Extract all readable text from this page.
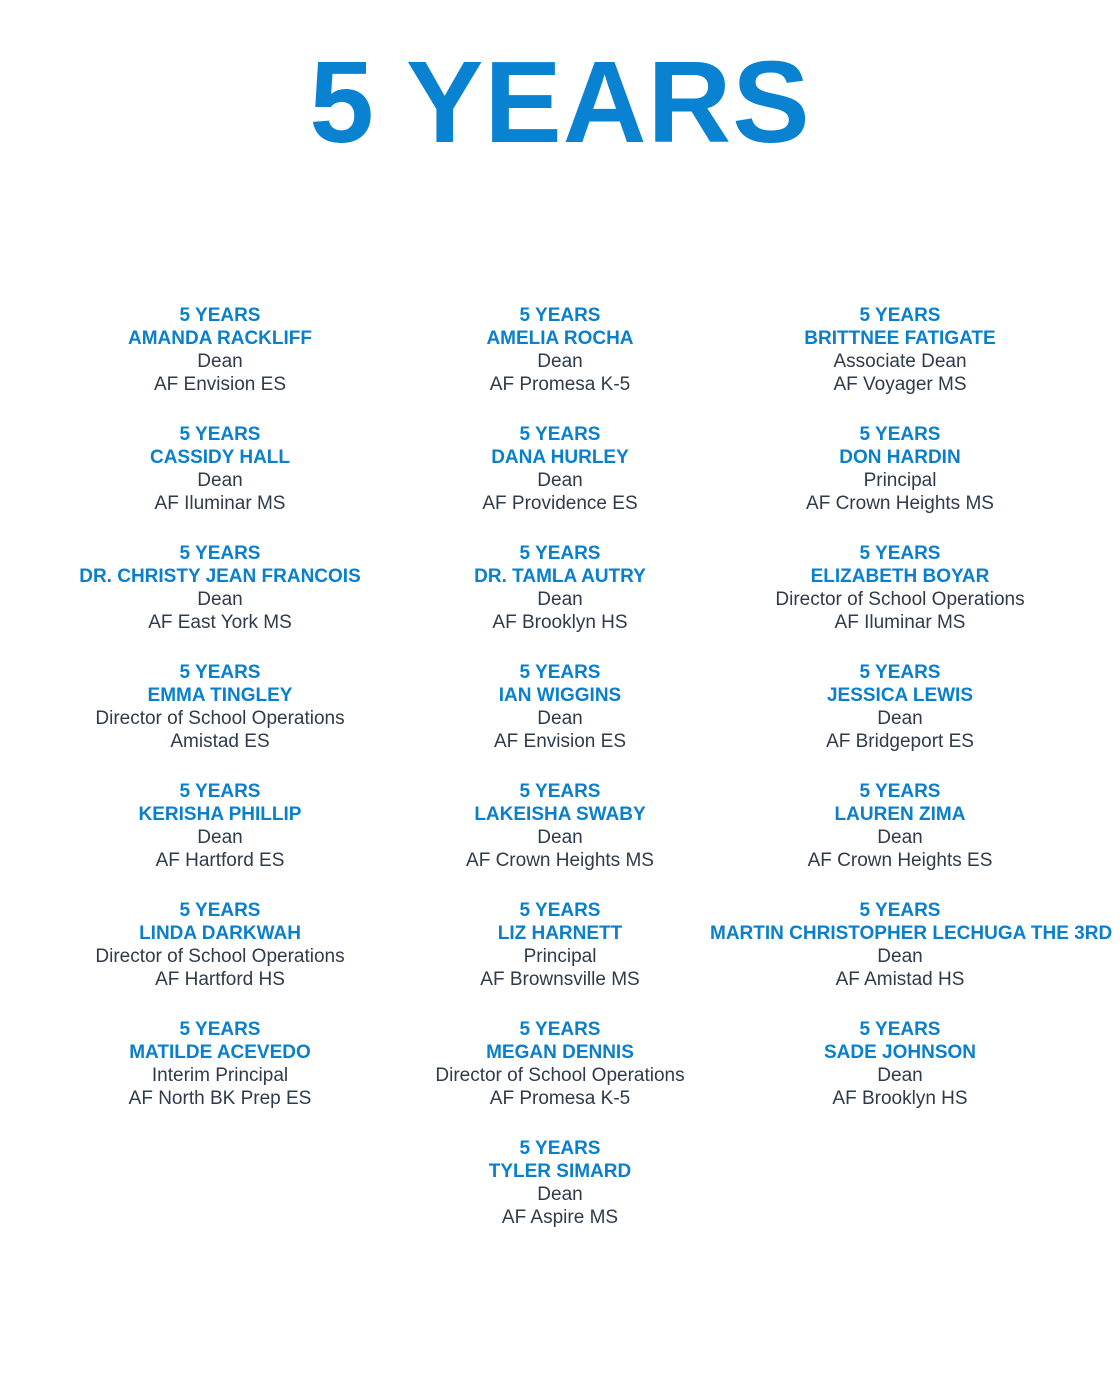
5 YEARS
5 YEARS
AMANDA RACKLIFF
Dean
AF Envision ES
5 YEARS
CASSIDY HALL
Dean
AF Iluminar MS
5 YEARS
DR. CHRISTY JEAN FRANCOIS
Dean
AF East York MS
5 YEARS
EMMA TINGLEY
Director of School Operations
Amistad ES
5 YEARS
KERISHA PHILLIP
Dean
AF Hartford ES
5 YEARS
LINDA DARKWAH
Director of School Operations
AF Hartford HS
5 YEARS
MATILDE ACEVEDO
Interim Principal
AF North BK Prep ES
5 YEARS
AMELIA ROCHA
Dean
AF Promesa K-5
5 YEARS
DANA HURLEY
Dean
AF Providence ES
5 YEARS
DR. TAMLA AUTRY
Dean
AF Brooklyn HS
5 YEARS
IAN WIGGINS
Dean
AF Envision ES
5 YEARS
LAKEISHA SWABY
Dean
AF Crown Heights MS
5 YEARS
LIZ HARNETT
Principal
AF Brownsville MS
5 YEARS
MEGAN DENNIS
Director of School Operations
AF Promesa K-5
5 YEARS
TYLER SIMARD
Dean
AF Aspire MS
5 YEARS
BRITTNEE FATIGATE
Associate Dean
AF Voyager MS
5 YEARS
DON HARDIN
Principal
AF Crown Heights MS
5 YEARS
ELIZABETH BOYAR
Director of School Operations
AF Iluminar MS
5 YEARS
JESSICA LEWIS
Dean
AF Bridgeport ES
5 YEARS
LAUREN ZIMA
Dean
AF Crown Heights ES
5 YEARS
MARTIN CHRISTOPHER LECHUGA THE 3RD
Dean
AF Amistad HS
5 YEARS
SADE JOHNSON
Dean
AF Brooklyn HS
